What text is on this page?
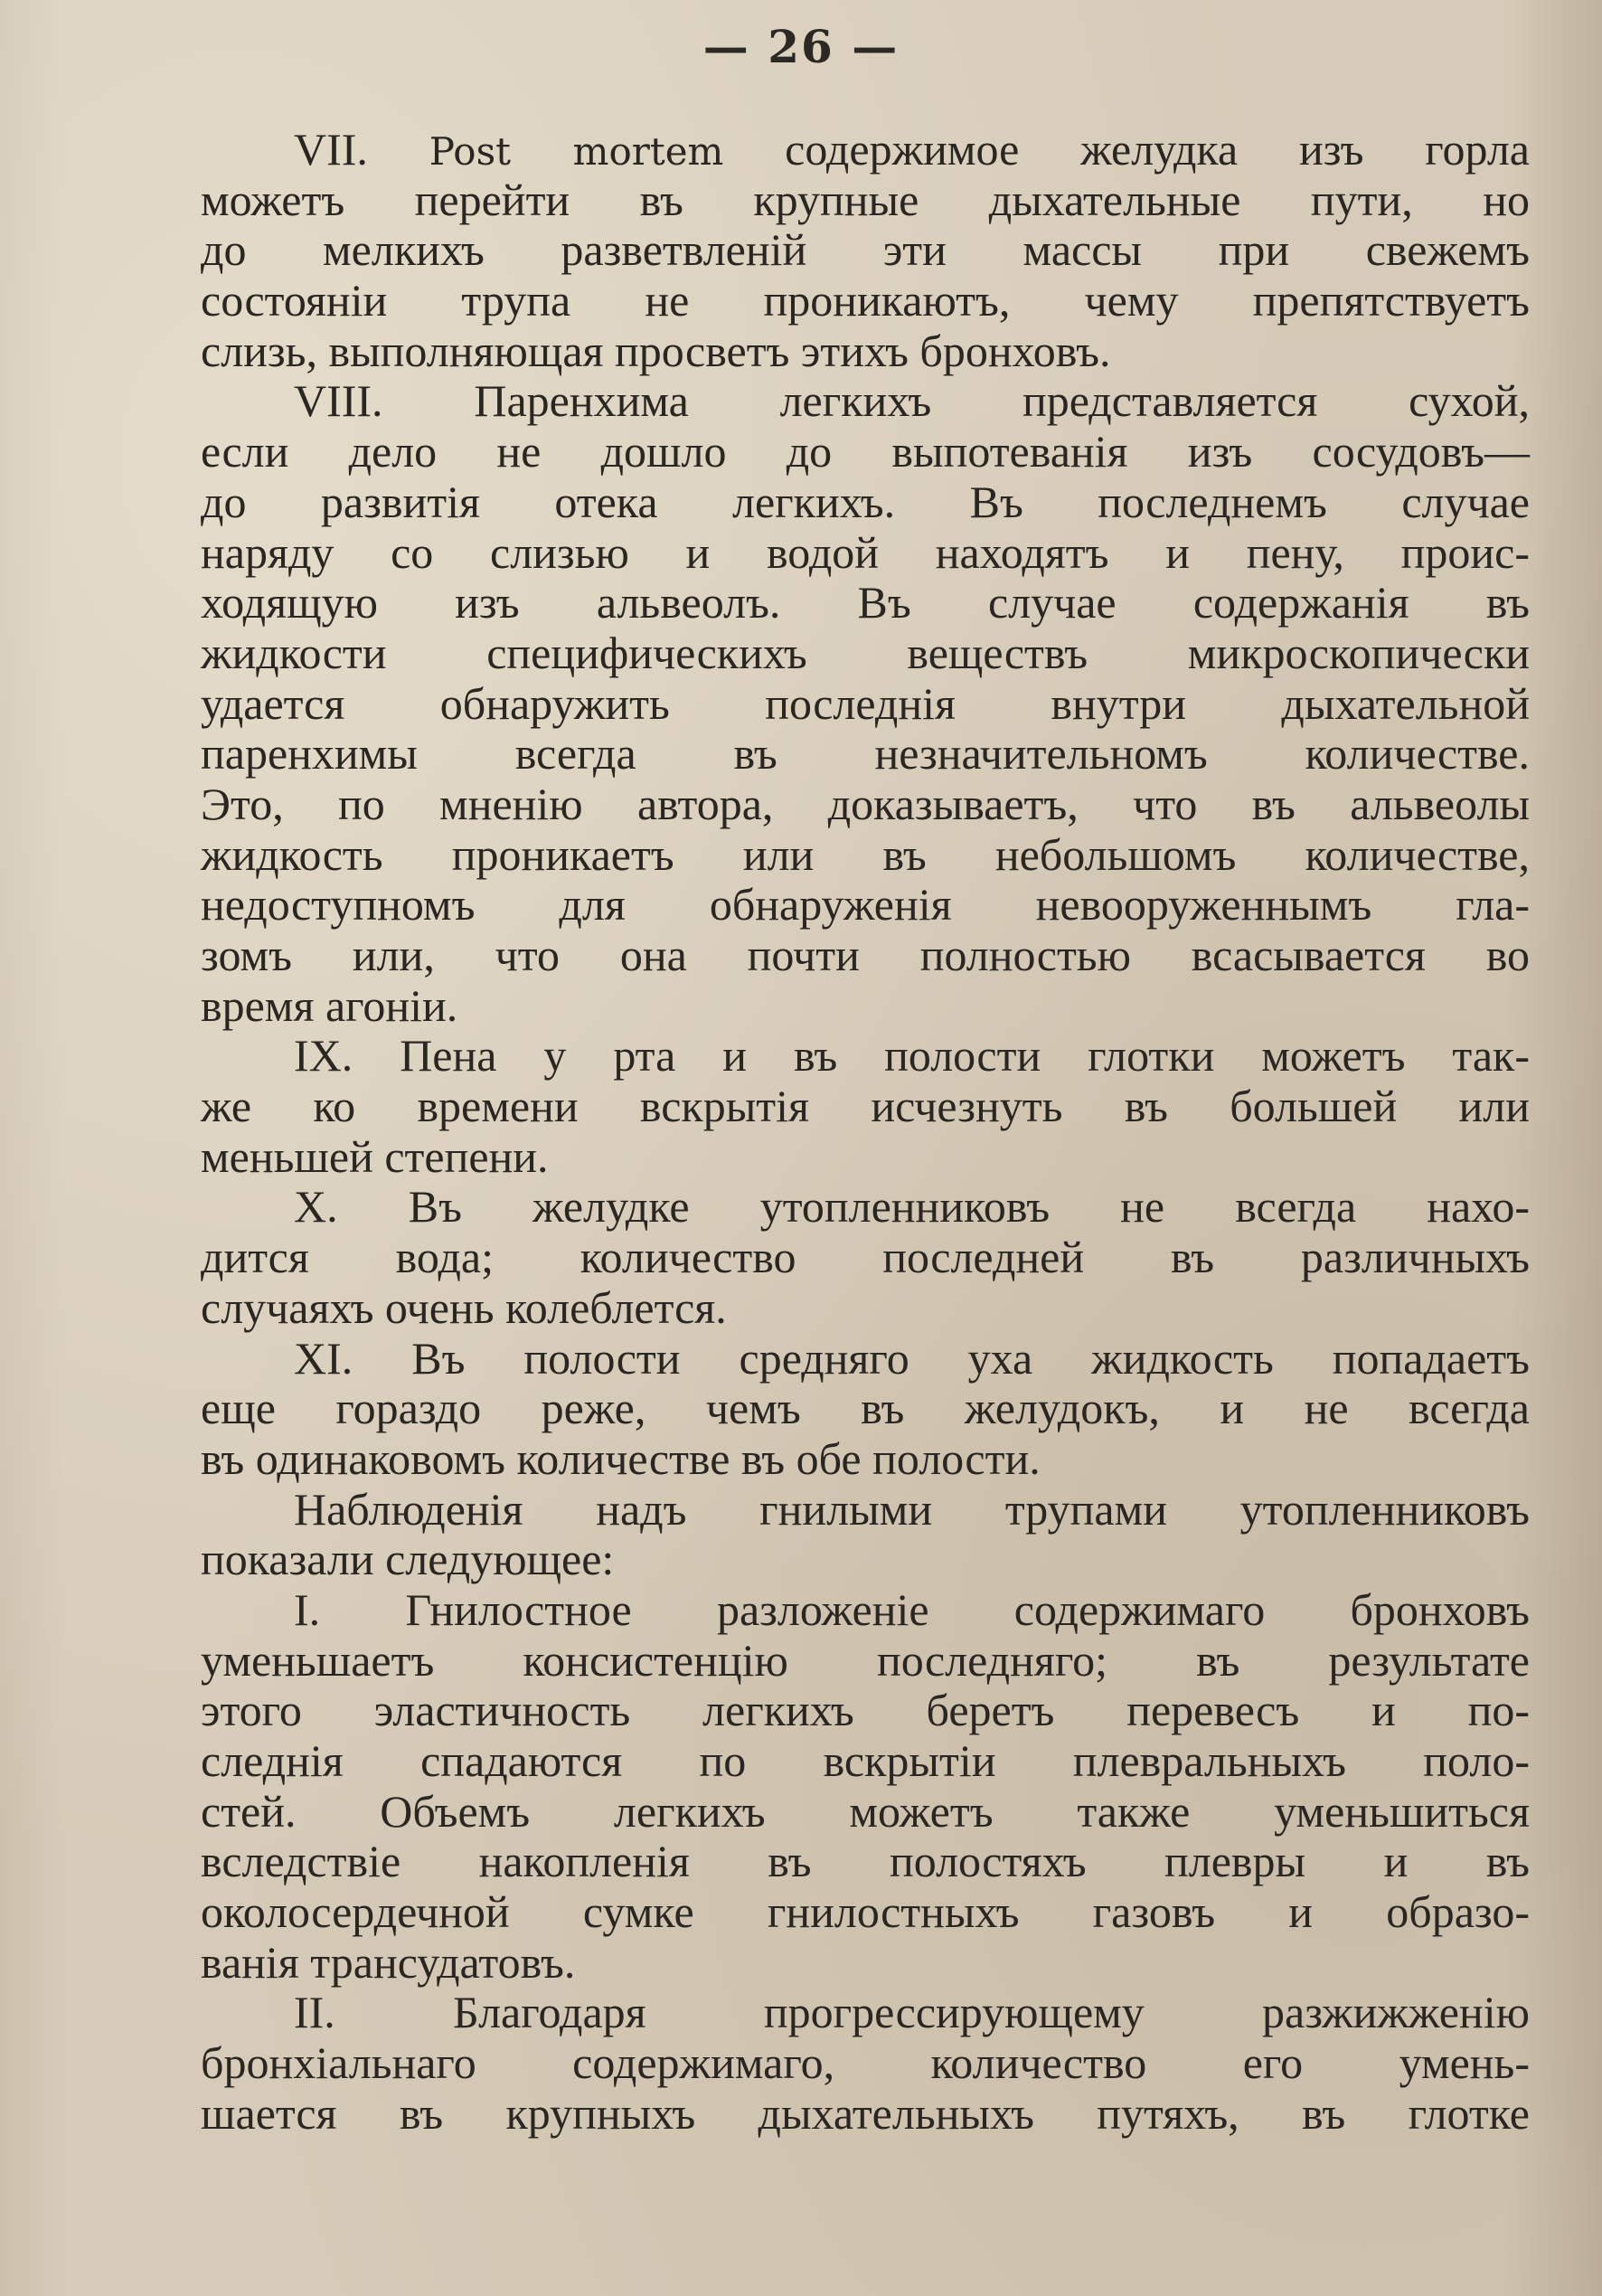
— 26 —
VII. Post mortem содержимое желудка изъ горла
можетъ перейти въ крупные дыхательные пути, но
до мелкихъ разветвленій эти массы при свежемъ
состояніи трупа не проникаютъ, чему препятствуетъ
слизь, выполняющая просветъ этихъ бронховъ.
VIII. Паренхима легкихъ представляется сухой,
если дело не дошло до выпотеванія изъ сосудовъ—
до развитія отека легкихъ. Въ последнемъ случае
наряду со слизью и водой находятъ и пену, проис-
ходящую изъ альвеолъ. Въ случае содержанія въ
жидкости специфическихъ веществъ микроскопически
удается обнаружить последнія внутри дыхательной
паренхимы всегда въ незначительномъ количестве.
Это, по мненію автора, доказываетъ, что въ альвеолы
жидкость проникаетъ или въ небольшомъ количестве,
недоступномъ для обнаруженія невооруженнымъ гла-
зомъ или, что она почти полностью всасывается во
время агоніи.
IX. Пена у рта и въ полости глотки можетъ так-
же ко времени вскрытія исчезнуть въ большей или
меньшей степени.
X. Въ желудке утопленниковъ не всегда нахо-
дится вода; количество последней въ различныхъ
случаяхъ очень колеблется.
XI. Въ полости средняго уха жидкость попадаетъ
еще гораздо реже, чемъ въ желудокъ, и не всегда
въ одинаковомъ количестве въ обе полости.
Наблюденія надъ гнилыми трупами утопленниковъ
показали следующее:
I. Гнилостное разложеніе содержимаго бронховъ
уменьшаетъ консистенцію последняго; въ результате
этого эластичность легкихъ беретъ перевесъ и по-
следнія спадаются по вскрытіи плевральныхъ поло-
стей. Объемъ легкихъ можетъ также уменьшиться
вследствіе накопленія въ полостяхъ плевры и въ
околосердечной сумке гнилостныхъ газовъ и образо-
ванія трансудатовъ.
II. Благодаря прогрессирующему разжижженію
бронхіальнаго содержимаго, количество его умень-
шается въ крупныхъ дыхательныхъ путяхъ, въ глотке
